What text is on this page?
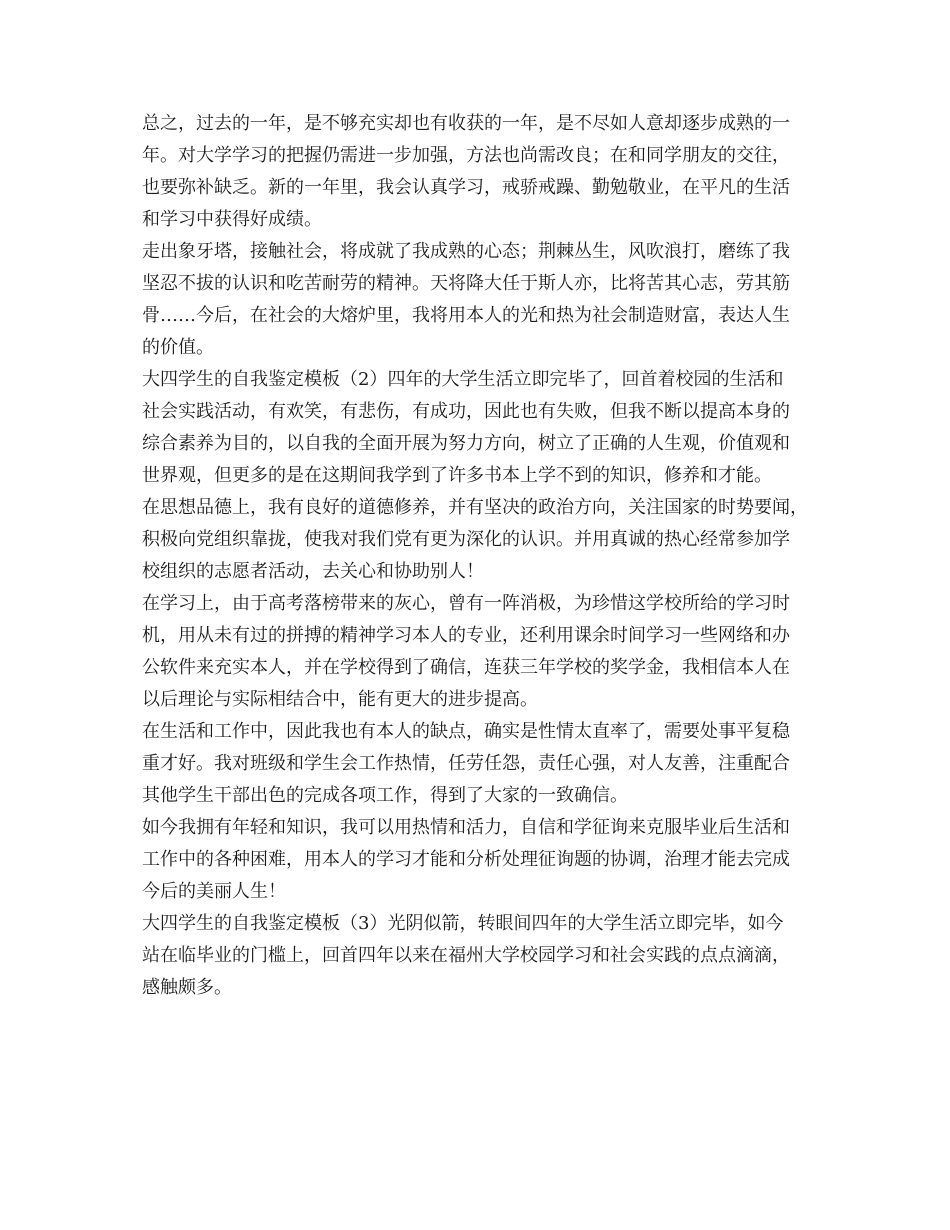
总之，过去的一年，是不够充实却也有收获的一年，是不尽如人意却逐步成熟的一
年。对大学学习的把握仍需进一步加强，方法也尚需改良；在和同学朋友的交往，
也要弥补缺乏。新的一年里，我会认真学习，戒骄戒躁、勤勉敬业，在平凡的生活
和学习中获得好成绩。

走出象牙塔，接触社会，将成就了我成熟的心态；荆棘丛生，风吹浪打，磨练了我
坚忍不拔的认识和吃苦耐劳的精神。天将降大任于斯人亦，比将苦其心志，劳其筋
骨……今后，在社会的大熔炉里，我将用本人的光和热为社会制造财富，表达人生
的价值。

大四学生的自我鉴定模板（2）四年的大学生活立即完毕了，回首着校园的生活和
社会实践活动，有欢笑，有悲伤，有成功，因此也有失败，但我不断以提高本身的
综合素养为目的，以自我的全面开展为努力方向，树立了正确的人生观，价值观和
世界观，但更多的是在这期间我学到了许多书本上学不到的知识，修养和才能。

在思想品德上，我有良好的道德修养，并有坚决的政治方向，关注国家的时势要闻，
积极向党组织靠拢，使我对我们党有更为深化的认识。并用真诚的热心经常参加学
校组织的志愿者活动，去关心和协助别人！

在学习上，由于高考落榜带来的灰心，曾有一阵消极，为珍惜这学校所给的学习时
机，用从未有过的拼搏的精神学习本人的专业，还利用课余时间学习一些网络和办
公软件来充实本人，并在学校得到了确信，连获三年学校的奖学金，我相信本人在
以后理论与实际相结合中，能有更大的进步提高。

在生活和工作中，因此我也有本人的缺点，确实是性情太直率了，需要处事平复稳
重才好。我对班级和学生会工作热情，任劳任怨，责任心强，对人友善，注重配合
其他学生干部出色的完成各项工作，得到了大家的一致确信。

如今我拥有年轻和知识，我可以用热情和活力，自信和学征询来克服毕业后生活和
工作中的各种困难，用本人的学习才能和分析处理征询题的协调，治理才能去完成
今后的美丽人生！

大四学生的自我鉴定模板（3）光阴似箭，转眼间四年的大学生活立即完毕，如今
站在临毕业的门槛上，回首四年以来在福州大学校园学习和社会实践的点点滴滴，
感触颇多。
